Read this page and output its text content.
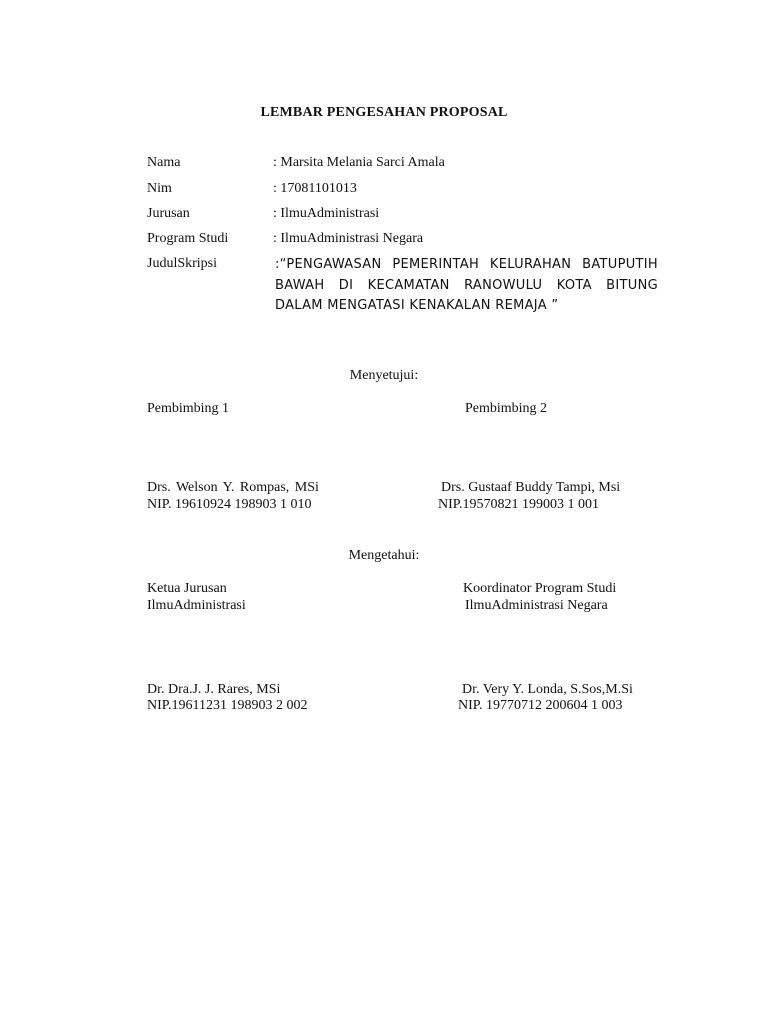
LEMBAR PENGESAHAN PROPOSAL
Nama	: Marsita Melania Sarci Amala
Nim	: 17081101013
Jurusan	: IlmuAdministrasi
Program Studi	: IlmuAdministrasi Negara
JudulSkripsi	:“PENGAWASAN PEMERINTAH KELURAHAN BATUPUTIH BAWAH DI KECAMATAN RANOWULU KOTA BITUNG DALAM MENGATASI KENAKALAN REMAJA ”
Menyetujui:
Pembimbing 1	Pembimbing 2
Drs. Welson Y. Rompas, MSi	Drs. Gustaaf Buddy Tampi, Msi
NIP. 19610924 198903 1 010	NIP.19570821 199003 1 001
Mengetahui:
Ketua Jurusan	Koordinator Program Studi
IlmuAdministrasi	IlmuAdministrasi Negara
Dr. Dra.J. J. Rares, MSi	Dr. Very Y. Londa, S.Sos,M.Si
NIP.19611231 198903 2 002	NIP. 19770712 200604 1 003
